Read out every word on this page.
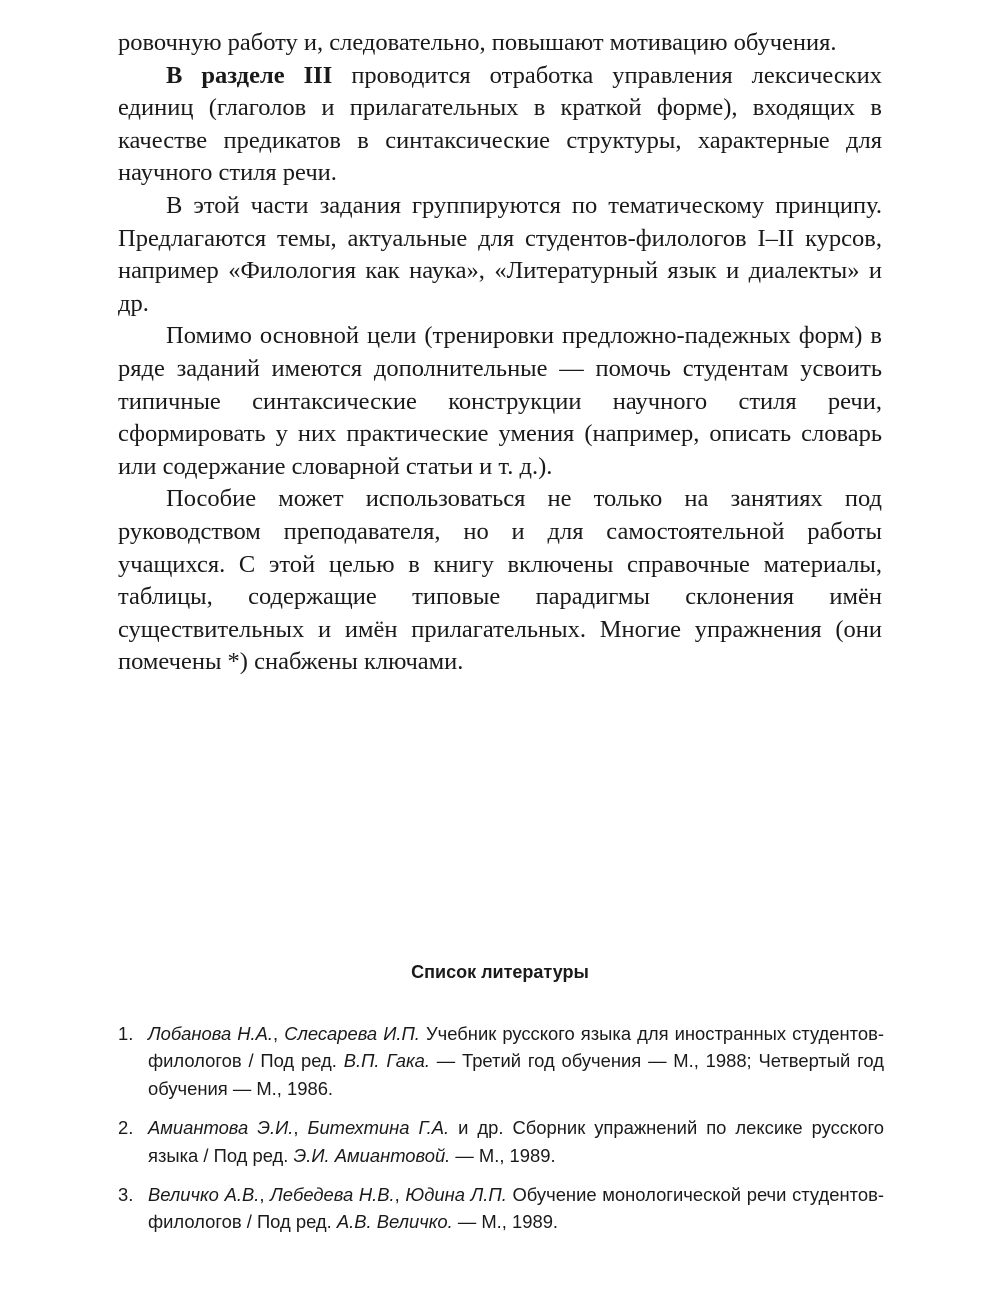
ровочную работу и, следовательно, повышают мотивацию обучения.

В разделе III проводится отработка управления лексических единиц (глаголов и прилагательных в краткой форме), входящих в качестве предикатов в синтаксические структуры, характерные для научного стиля речи.

В этой части задания группируются по тематическому принципу. Предлагаются темы, актуальные для студентов-филологов I–II курсов, например «Филология как наука», «Литературный язык и диалекты» и др.

Помимо основной цели (тренировки предложно-падежных форм) в ряде заданий имеются дополнительные — помочь студентам усвоить типичные синтаксические конструкции научного стиля речи, сформировать у них практические умения (например, описать словарь или содержание словарной статьи и т. д.).

Пособие может использоваться не только на занятиях под руководством преподавателя, но и для самостоятельной работы учащихся. С этой целью в книгу включены справочные материалы, таблицы, содержащие типовые парадигмы склонения имён существительных и имён прилагательных. Многие упражнения (они помечены *) снабжены ключами.

Список литературы
1. Лобанова Н.А., Слесарева И.П. Учебник русского языка для иностранных студентов-филологов / Под ред. В.П. Гака. — Третий год обучения — М., 1988; Четвертый год обучения — М., 1986.
2. Амиантова Э.И., Битехтина Г.А. и др. Сборник упражнений по лексике русского языка / Под ред. Э.И. Амиантовой. — М., 1989.
3. Величко А.В., Лебедева Н.В., Юдина Л.П. Обучение монологической речи студентов-филологов / Под ред. А.В. Величко. — М., 1989.
